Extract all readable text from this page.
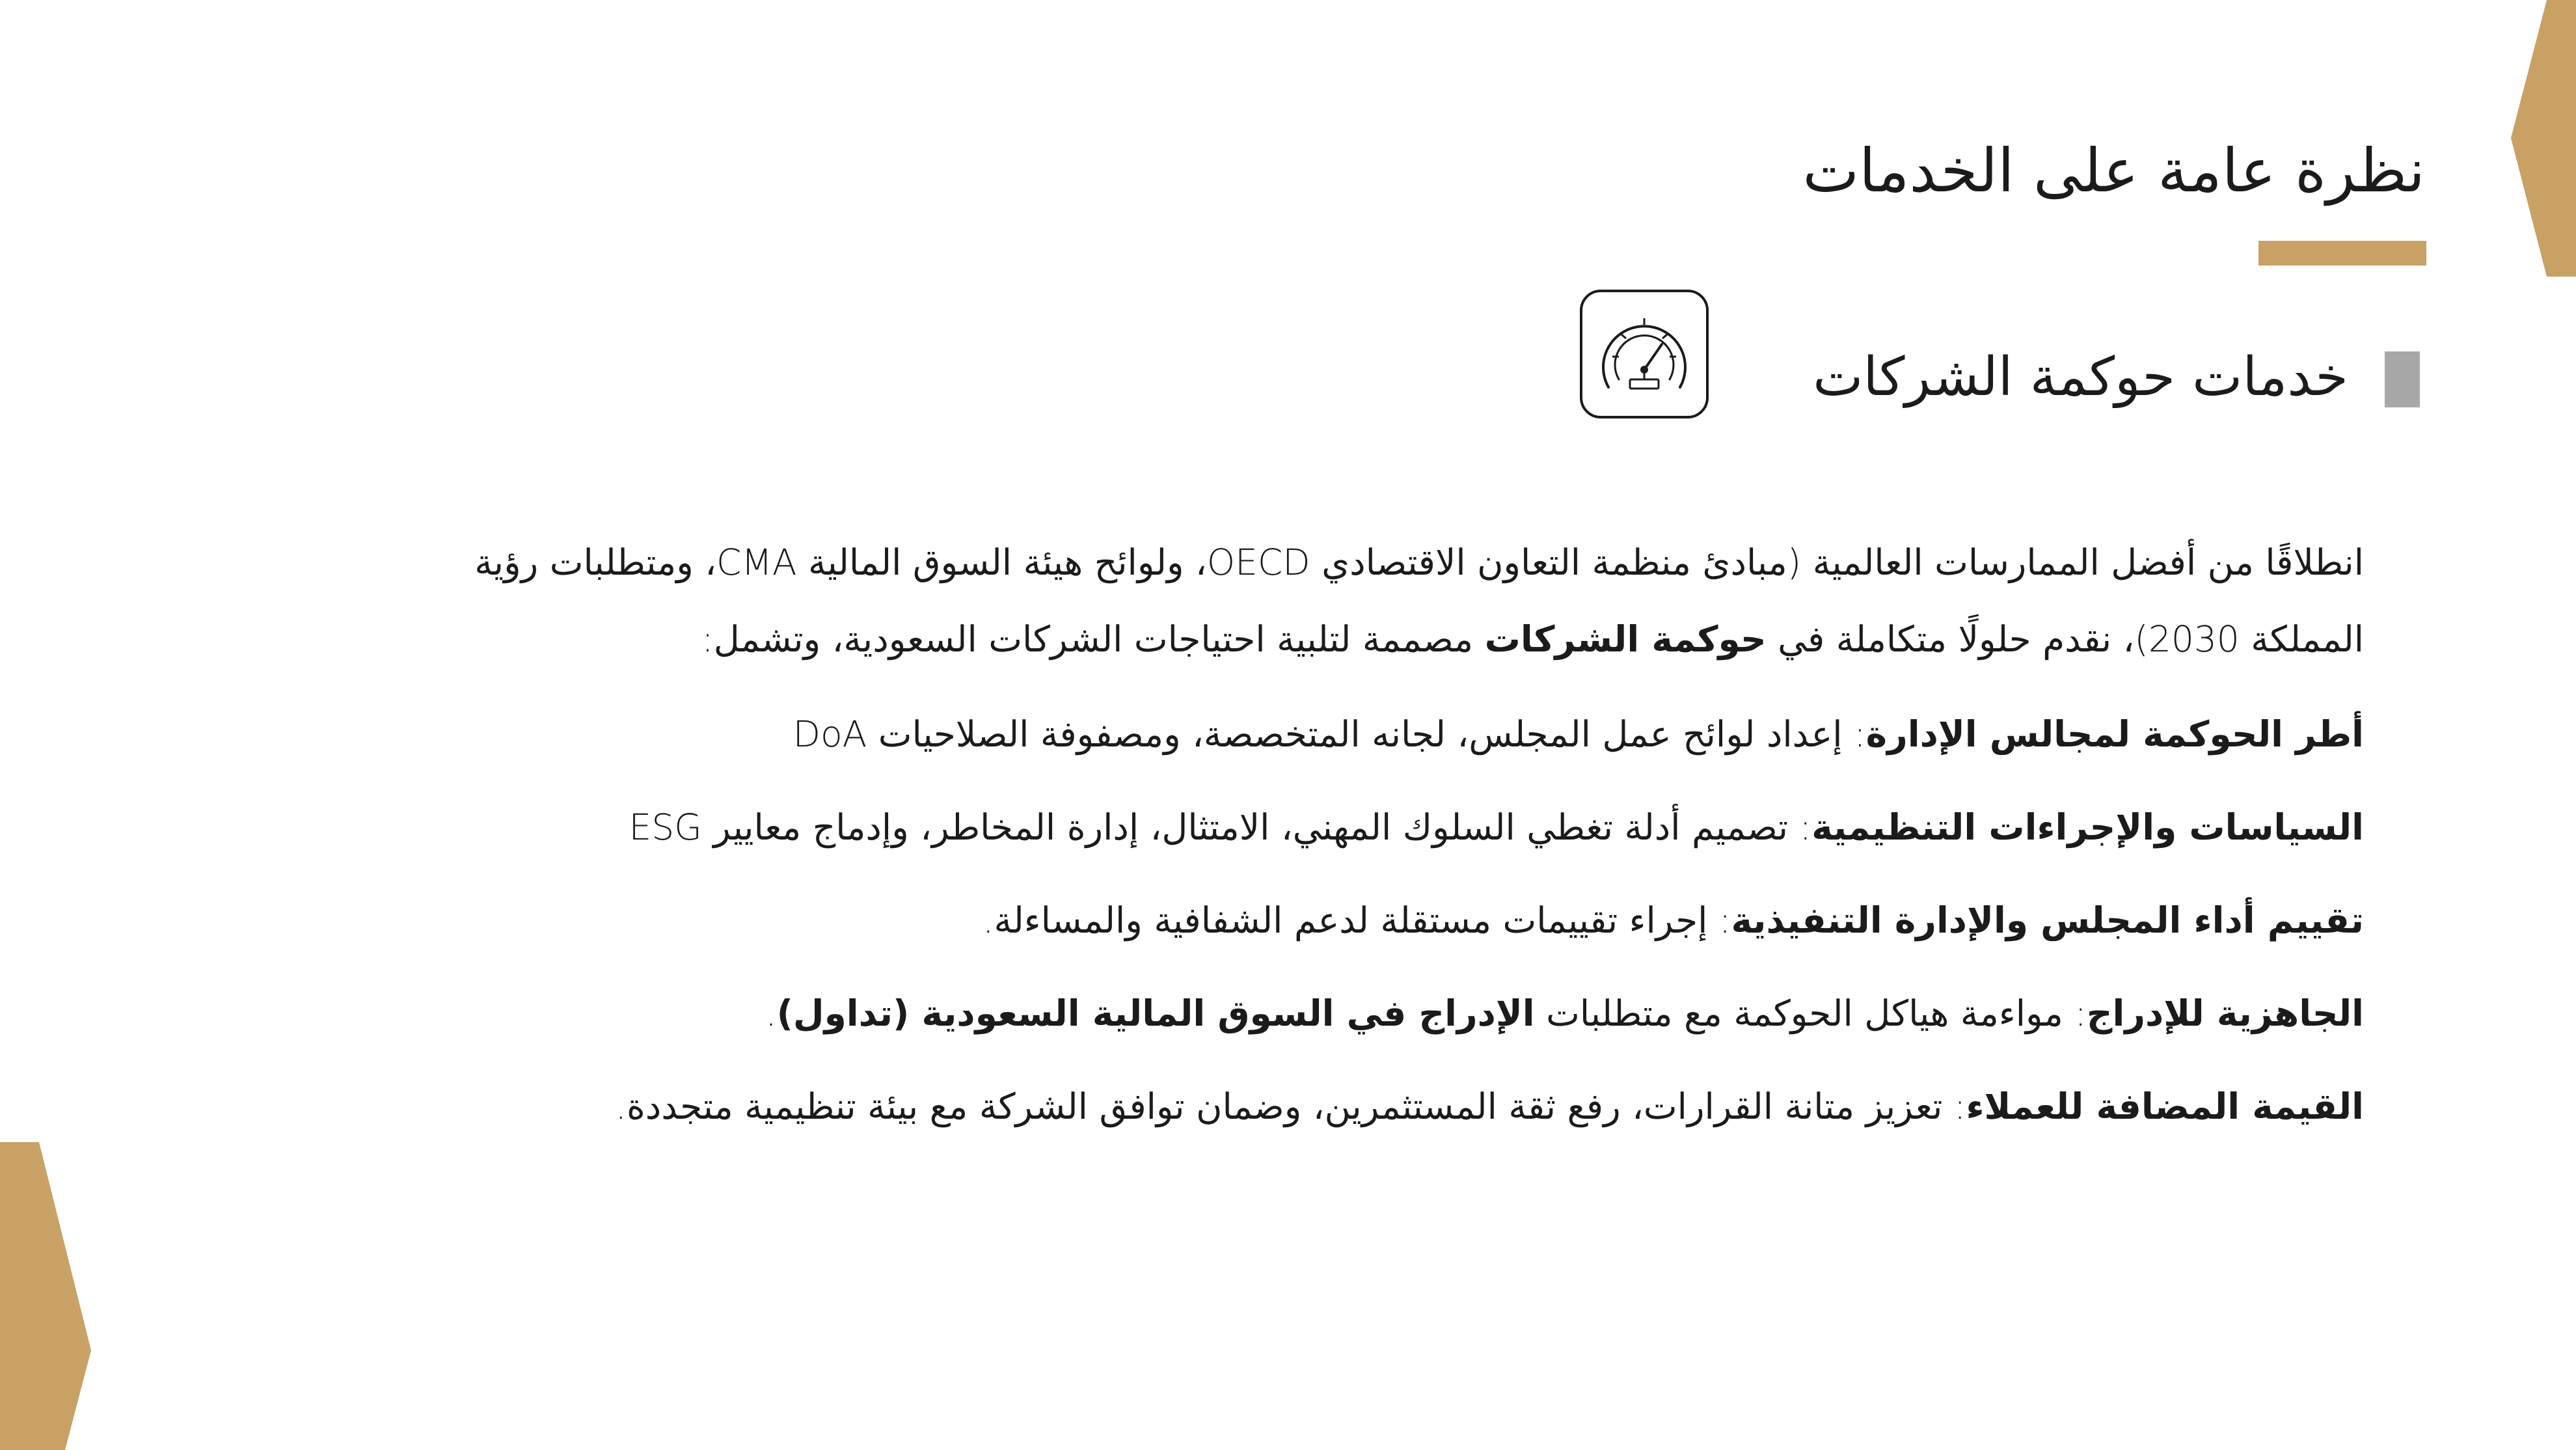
نظرة عامة على الخدمات
خدمات حوكمة الشركات

انطلاقًا من أفضل الممارسات العالمية (مبادئ منظمة التعاون الاقتصادي OECD، ولوائح هيئة السوق المالية CMA، ومتطلبات رؤية
المملكة 2030)، نقدم حلولًا متكاملة في حوكمة الشركات مصممة لتلبية احتياجات الشركات السعودية، وتشمل:

أطر الحوكمة لمجالس الإدارة: إعداد لوائح عمل المجلس، لجانه المتخصصة، ومصفوفة الصلاحيات DoA
السياسات والإجراءات التنظيمية: تصميم أدلة تغطي السلوك المهني، الامتثال، إدارة المخاطر، وإدماج معايير ESG
تقييم أداء المجلس والإدارة التنفيذية: إجراء تقييمات مستقلة لدعم الشفافية والمساءلة.
الجاهزية للإدراج: مواءمة هياكل الحوكمة مع متطلبات الإدراج في السوق المالية السعودية (تداول).
القيمة المضافة للعملاء: تعزيز متانة القرارات، رفع ثقة المستثمرين، وضمان توافق الشركة مع بيئة تنظيمية متجددة.
